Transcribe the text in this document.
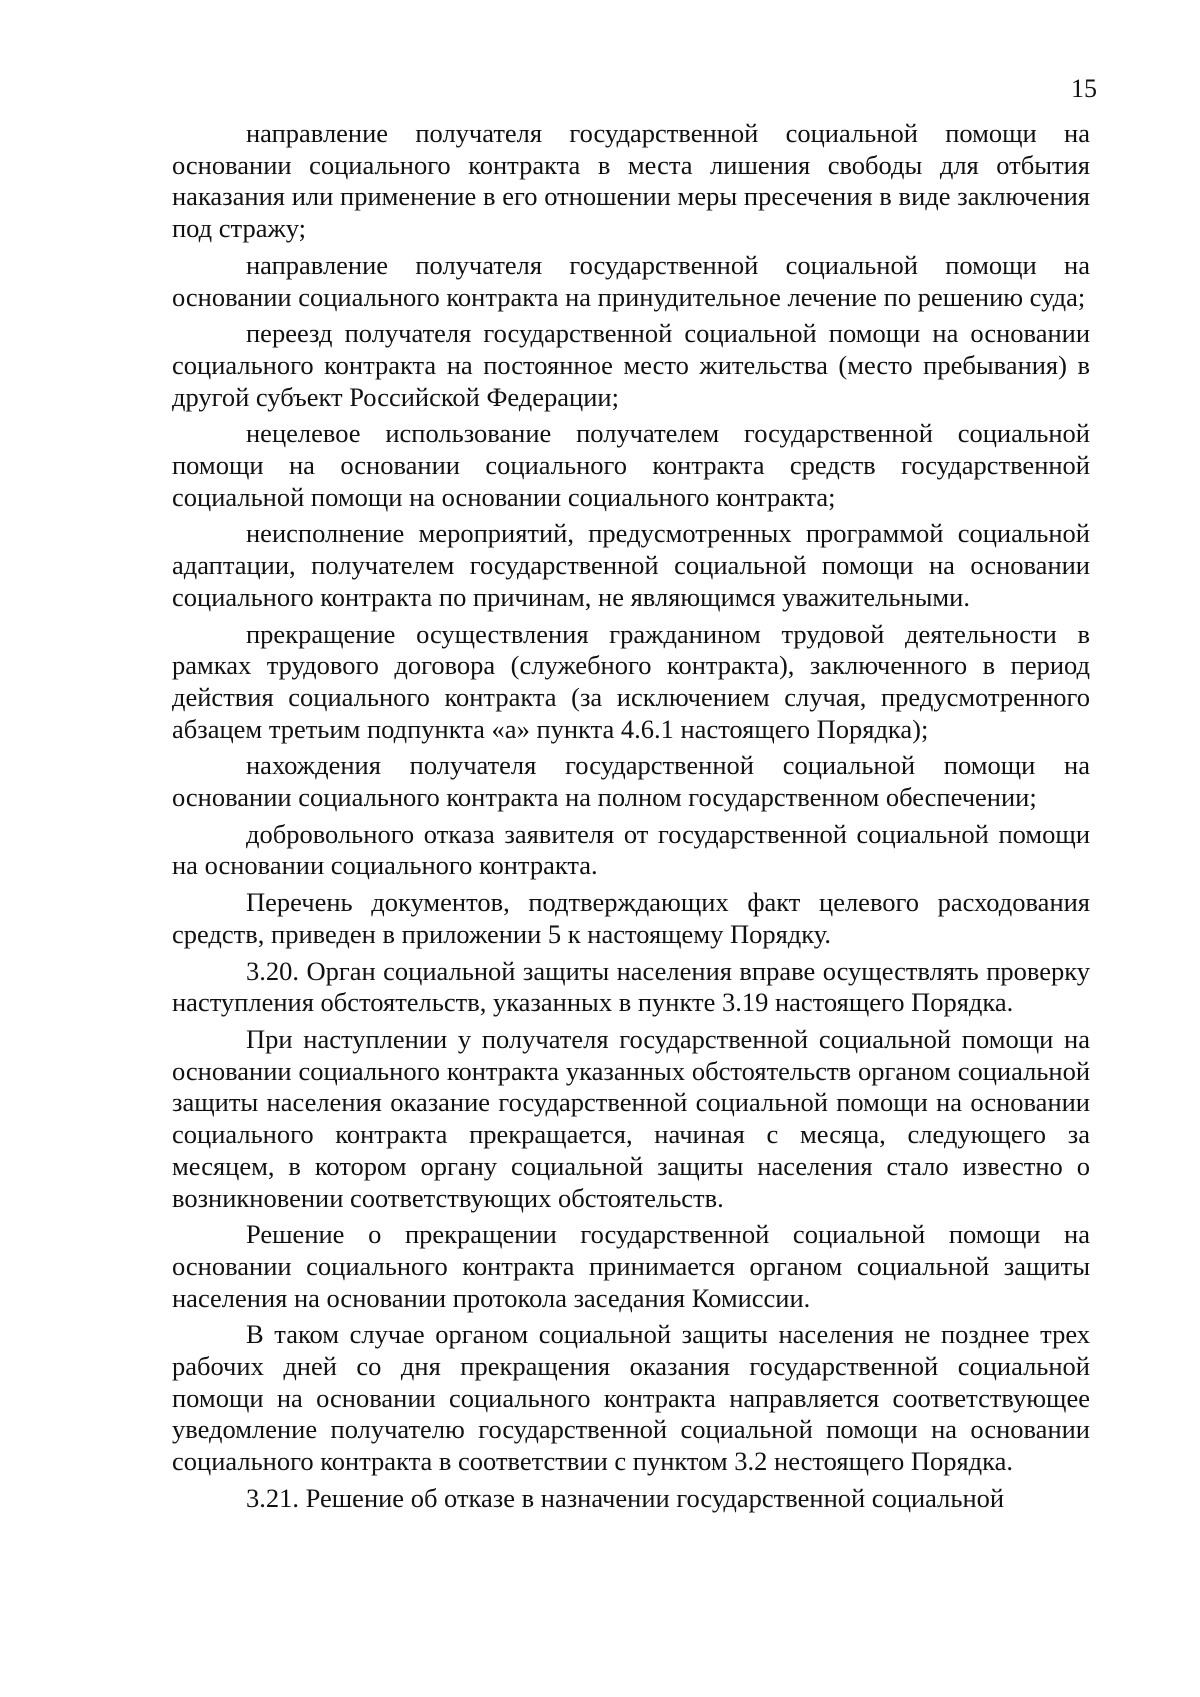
15

направление получателя государственной социальной помощи на основании социального контракта в места лишения свободы для отбытия наказания или применение в его отношении меры пресечения в виде заключения под стражу;

направление получателя государственной социальной помощи на основании социального контракта на принудительное лечение по решению суда;

переезд получателя государственной социальной помощи на основании социального контракта на постоянное место жительства (место пребывания) в другой субъект Российской Федерации;

нецелевое использование получателем государственной социальной помощи на основании социального контракта средств государственной социальной помощи на основании социального контракта;

неисполнение мероприятий, предусмотренных программой социальной адаптации, получателем государственной социальной помощи на основании социального контракта по причинам, не являющимся уважительными.

прекращение осуществления гражданином трудовой деятельности в рамках трудового договора (служебного контракта), заключенного в период действия социального контракта (за исключением случая, предусмотренного абзацем третьим подпункта «а» пункта 4.6.1 настоящего Порядка);

нахождения получателя государственной социальной помощи на основании социального контракта на полном государственном обеспечении;

добровольного отказа заявителя от государственной социальной помощи на основании социального контракта.

Перечень документов, подтверждающих факт целевого расходования средств, приведен в приложении 5 к настоящему Порядку.

3.20. Орган социальной защиты населения вправе осуществлять проверку наступления обстоятельств, указанных в пункте 3.19 настоящего Порядка.

При наступлении у получателя государственной социальной помощи на основании социального контракта указанных обстоятельств органом социальной защиты населения оказание государственной социальной помощи на основании социального контракта прекращается, начиная с месяца, следующего за месяцем, в котором органу социальной защиты населения стало известно о возникновении соответствующих обстоятельств.

Решение о прекращении государственной социальной помощи на основании социального контракта принимается органом социальной защиты населения на основании протокола заседания Комиссии.

В таком случае органом социальной защиты населения не позднее трех рабочих дней со дня прекращения оказания государственной социальной помощи на основании социального контракта направляется соответствующее уведомление получателю государственной социальной помощи на основании социального контракта в соответствии с пунктом 3.2 нестоящего Порядка.

3.21. Решение об отказе в назначении государственной социальной
